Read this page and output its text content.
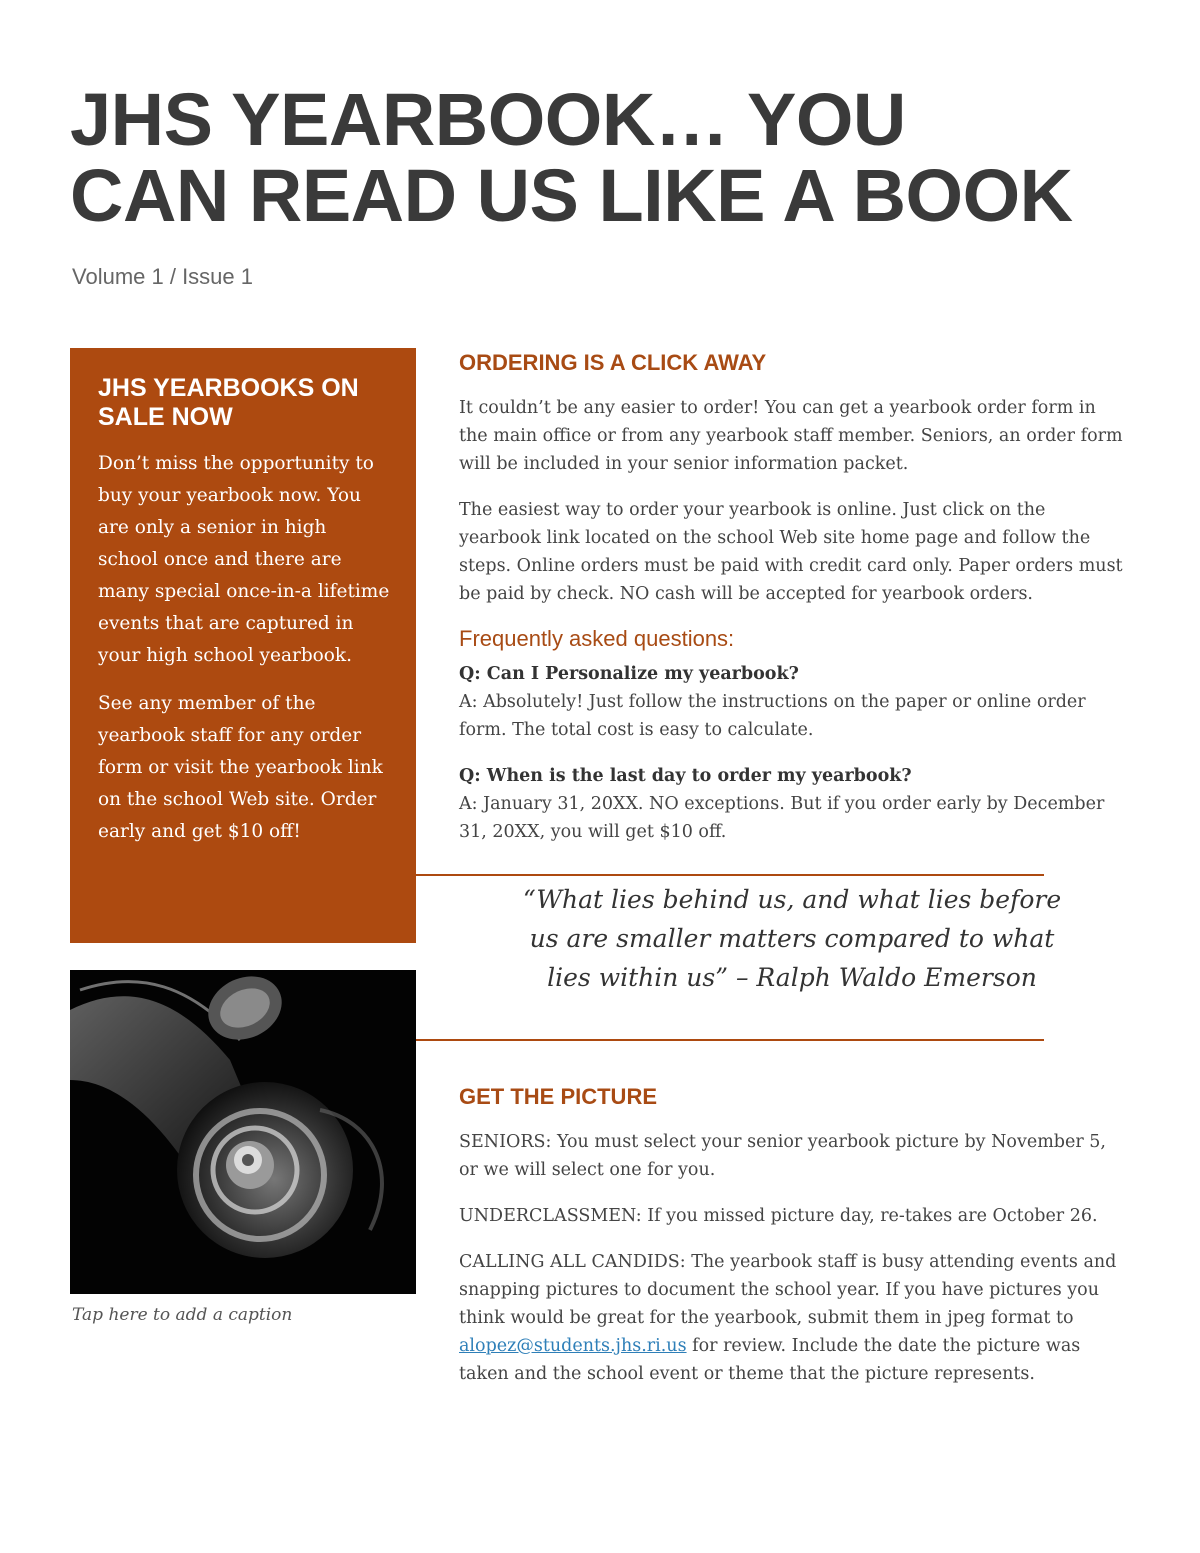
JHS YEARBOOK… YOU
CAN READ US LIKE A BOOK
Volume 1 / Issue 1
JHS YEARBOOKS ON
SALE NOW

Don’t miss the opportunity to buy your yearbook now. You are only a senior in high school once and there are many special once-in-a lifetime events that are captured in your high school yearbook.

See any member of the yearbook staff for any order form or visit the yearbook link on the school Web site. Order early and get $10 off!

Tap here to add a caption
ORDERING IS A CLICK AWAY

It couldn’t be any easier to order! You can get a yearbook order form in the main office or from any yearbook staff member. Seniors, an order form will be included in your senior information packet.

The easiest way to order your yearbook is online. Just click on the yearbook link located on the school Web site home page and follow the steps. Online orders must be paid with credit card only. Paper orders must be paid by check. NO cash will be accepted for yearbook orders.

Frequently asked questions:
Q: Can I Personalize my yearbook?
A: Absolutely! Just follow the instructions on the paper or online order form. The total cost is easy to calculate.
Q: When is the last day to order my yearbook?
A: January 31, 20XX. NO exceptions. But if you order early by December 31, 20XX, you will get $10 off.
“What lies behind us, and what lies before us are smaller matters compared to what lies within us” – Ralph Waldo Emerson
GET THE PICTURE

SENIORS: You must select your senior yearbook picture by November 5, or we will select one for you.

UNDERCLASSMEN: If you missed picture day, re-takes are October 26.

CALLING ALL CANDIDS: The yearbook staff is busy attending events and snapping pictures to document the school year. If you have pictures you think would be great for the yearbook, submit them in jpeg format to alopez@students.jhs.ri.us for review. Include the date the picture was taken and the school event or theme that the picture represents.
